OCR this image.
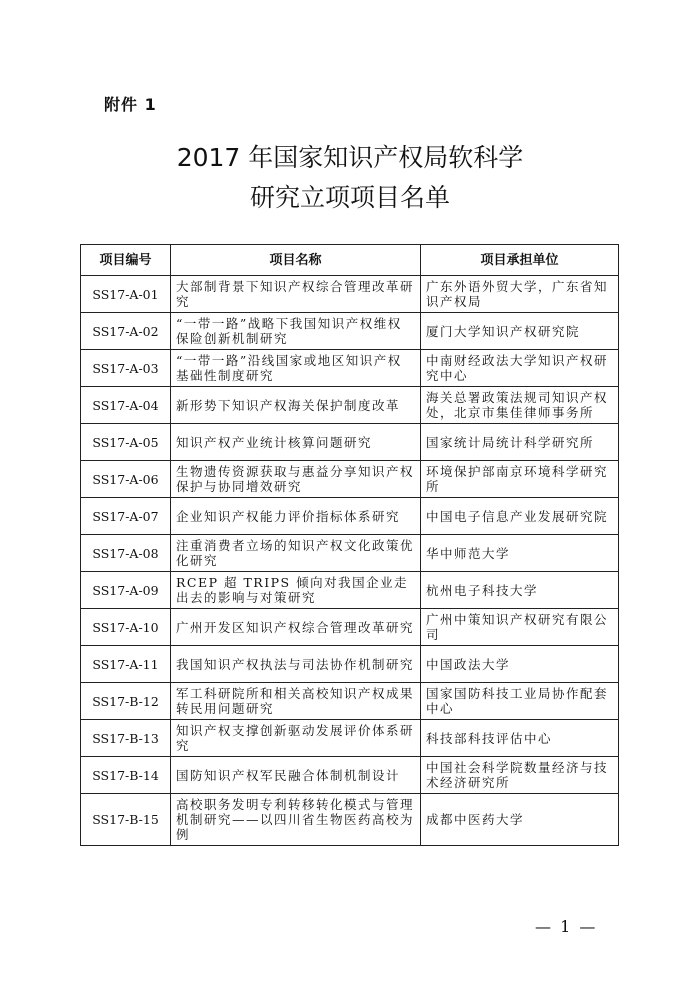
附件 1
2017 年国家知识产权局软科学
研究立项项目名单
项目编号	项目名称	项目承担单位
SS17-A-01	大部制背景下知识产权综合管理改革研究	广东外语外贸大学，广东省知识产权局
SS17-A-02	“一带一路”战略下我国知识产权维权保险创新机制研究	厦门大学知识产权研究院
SS17-A-03	“一带一路”沿线国家或地区知识产权基础性制度研究	中南财经政法大学知识产权研究中心
SS17-A-04	新形势下知识产权海关保护制度改革	海关总署政策法规司知识产权处，北京市集佳律师事务所
SS17-A-05	知识产权产业统计核算问题研究	国家统计局统计科学研究所
SS17-A-06	生物遗传资源获取与惠益分享知识产权保护与协同增效研究	环境保护部南京环境科学研究所
SS17-A-07	企业知识产权能力评价指标体系研究	中国电子信息产业发展研究院
SS17-A-08	注重消费者立场的知识产权文化政策优化研究	华中师范大学
SS17-A-09	RCEP 超 TRIPS 倾向对我国企业走出去的影响与对策研究	杭州电子科技大学
SS17-A-10	广州开发区知识产权综合管理改革研究	广州中策知识产权研究有限公司
SS17-A-11	我国知识产权执法与司法协作机制研究	中国政法大学
SS17-B-12	军工科研院所和相关高校知识产权成果转民用问题研究	国家国防科技工业局协作配套中心
SS17-B-13	知识产权支撑创新驱动发展评价体系研究	科技部科技评估中心
SS17-B-14	国防知识产权军民融合体制机制设计	中国社会科学院数量经济与技术经济研究所
SS17-B-15	高校职务发明专利转移转化模式与管理机制研究——以四川省生物医药高校为例	成都中医药大学
— 1 —
